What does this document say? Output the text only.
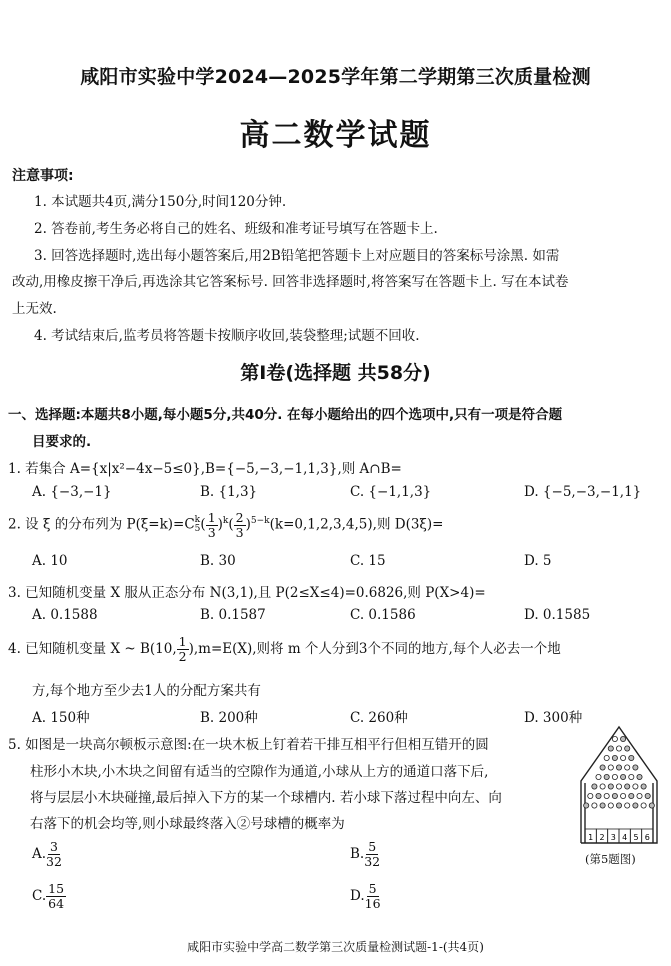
咸阳市实验中学2024—2025学年第二学期第三次质量检测
高二数学试题
注意事项:
1. 本试题共4页,满分150分,时间120分钟.
2. 答卷前,考生务必将自己的姓名、班级和准考证号填写在答题卡上.
3. 回答选择题时,选出每小题答案后,用2B铅笔把答题卡上对应题目的答案标号涂黑. 如需
改动,用橡皮擦干净后,再选涂其它答案标号. 回答非选择题时,将答案写在答题卡上. 写在本试卷
上无效.
4. 考试结束后,监考员将答题卡按顺序收回,装袋整理;试题不回收.
第Ⅰ卷(选择题 共58分)
一、选择题:本题共8小题,每小题5分,共40分. 在每小题给出的四个选项中,只有一项是符合题
目要求的.
1. 若集合 A={x|x²−4x−5≤0},B={−5,−3,−1,1,3},则 A∩B=
A. {−3,−1}	B. {1,3}	C. {−1,1,3}	D. {−5,−3,−1,1}
2. 设 ξ 的分布列为 P(ξ=k)=C k
5 ( $\frac{1}{3} )^k( \frac{2}{3} )^{5-k}(k=0,1,2,3,4,5)$,则 D(3ξ)=
A. 10	B. 30	C. 15	D. 5
3. 已知随机变量 X 服从正态分布 N(3,1),且 P(2≤X≤4)=0.6826,则 P(X>4)=
A. 0.1588	B. 0.1587	C. 0.1586	D. 0.1585
4. 已知随机变量 X ~ B(10, $\frac{1}{2} ),m=E(X)$,则将 m 个人分到3个不同的地方,每个人必去一个地
方,每个地方至少去1人的分配方案共有
A. 150种	B. 200种	C. 260种	D. 300种
5. 如图是一块高尔顿板示意图:在一块木板上钉着若干排互相平行但相互错开的圆
柱形小木块,小木块之间留有适当的空隙作为通道,小球从上方的通道口落下后,
将与层层小木块碰撞,最后掉入下方的某一个球槽内. 若小球下落过程中向左、向
右落下的机会均等,则小球最终落入②号球槽的概率为
A. $\frac{3}{32}$	B. $\frac{5}{32}$
C. $\frac{15}{64}$	D. $\frac{5}{16}$
1 2 3 4 5 6
(第5题图)
咸阳市实验中学高二数学第三次质量检测试题-1-(共4页)
